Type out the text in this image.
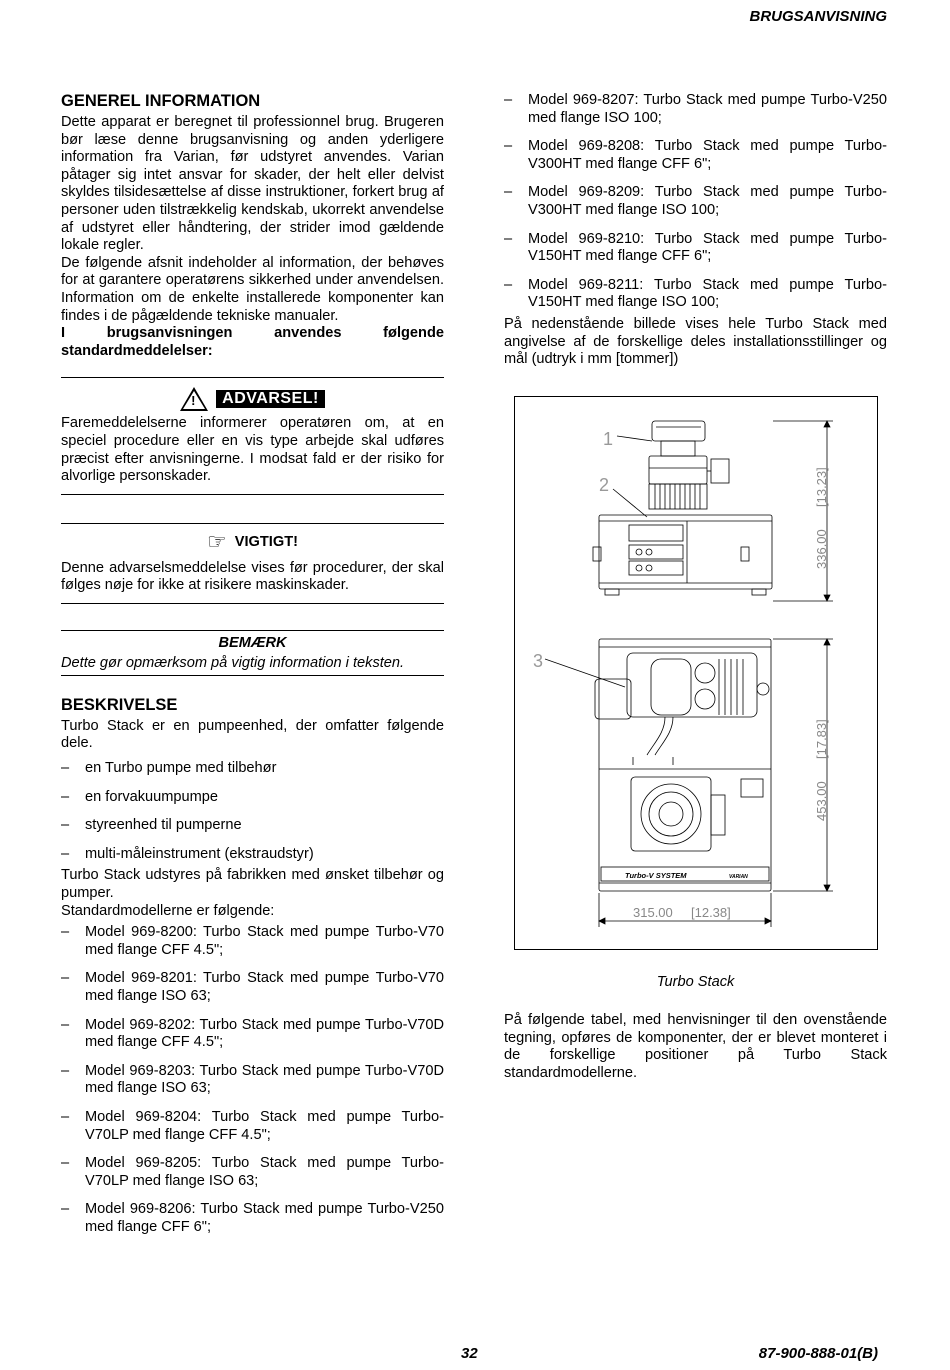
BRUGSANVISNING
GENEREL INFORMATION

Dette apparat er beregnet til professionnel brug. Brugeren bør læse denne brugsanvisning og anden yderligere information fra Varian, før udstyret anvendes. Varian påtager sig intet ansvar for skader, der helt eller delvist skyldes tilsidesættelse af disse instruktioner, forkert brug af personer uden tilstrækkelig kendskab, ukorrekt anvendelse af udstyret eller håndtering, der strider imod gældende lokale regler.

De følgende afsnit indeholder al information, der behøves for at garantere operatørens sikkerhed under anvendelsen. Information om de enkelte installerede komponenter kan findes i de pågældende tekniske manualer.

I brugsanvisningen anvendes følgende standardmeddelelser:

!	ADVARSEL!

Faremeddelelserne informerer operatøren om, at en speciel procedure eller en vis type arbejde skal udføres præcist efter anvisningerne. I modsat fald er der risiko for alvorlige personskader.

☞ VIGTIGT!

Denne advarselsmeddelelse vises før procedurer, der skal følges nøje for ikke at risikere maskinskader.

BEMÆRK
Dette gør opmærksom på vigtig information i teksten.
BESKRIVELSE

Turbo Stack er en pumpeenhed, der omfatter følgende dele.

– en Turbo pumpe med tilbehør
– en forvakuumpumpe
– styreenhed til pumperne
– multi-måleinstrument (ekstraudstyr)

Turbo Stack udstyres på fabrikken med ønsket tilbehør og pumper.

Standardmodellerne er følgende:

– Model 969-8200: Turbo Stack med pumpe Turbo-V70 med flange CFF 4.5";
– Model 969-8201: Turbo Stack med pumpe Turbo-V70 med flange ISO 63;
– Model 969-8202: Turbo Stack med pumpe Turbo-V70D med flange CFF 4.5";
– Model 969-8203: Turbo Stack med pumpe Turbo-V70D med flange ISO 63;
– Model 969-8204: Turbo Stack med pumpe Turbo-V70LP med flange CFF 4.5";
– Model 969-8205: Turbo Stack med pumpe Turbo-V70LP med flange ISO 63;
– Model 969-8206: Turbo Stack med pumpe Turbo-V250 med flange CFF 6";
– Model 969-8207: Turbo Stack med pumpe Turbo-V250 med flange ISO 100;
– Model 969-8208: Turbo Stack med pumpe Turbo-V300HT med flange CFF 6";
– Model 969-8209: Turbo Stack med pumpe Turbo-V300HT med flange ISO 100;
– Model 969-8210: Turbo Stack med pumpe Turbo-V150HT med flange CFF 6";
– Model 969-8211: Turbo Stack med pumpe Turbo-V150HT med flange ISO 100;

På nedenstående billede vises hele Turbo Stack med angivelse af de forskellige deles installationsstillinger og mål (udtryk i mm [tommer])

1
2
3
336.00
[13.23]
453.00
[17.83]
315.00 [12.38]
Turbo-V SYSTEM	VARIAN
Turbo Stack

På følgende tabel, med henvisninger til den ovenstående tegning, opføres de komponenter, der er blevet monteret i de forskellige positioner på Turbo Stack standardmodellerne.

32	87-900-888-01(B)
